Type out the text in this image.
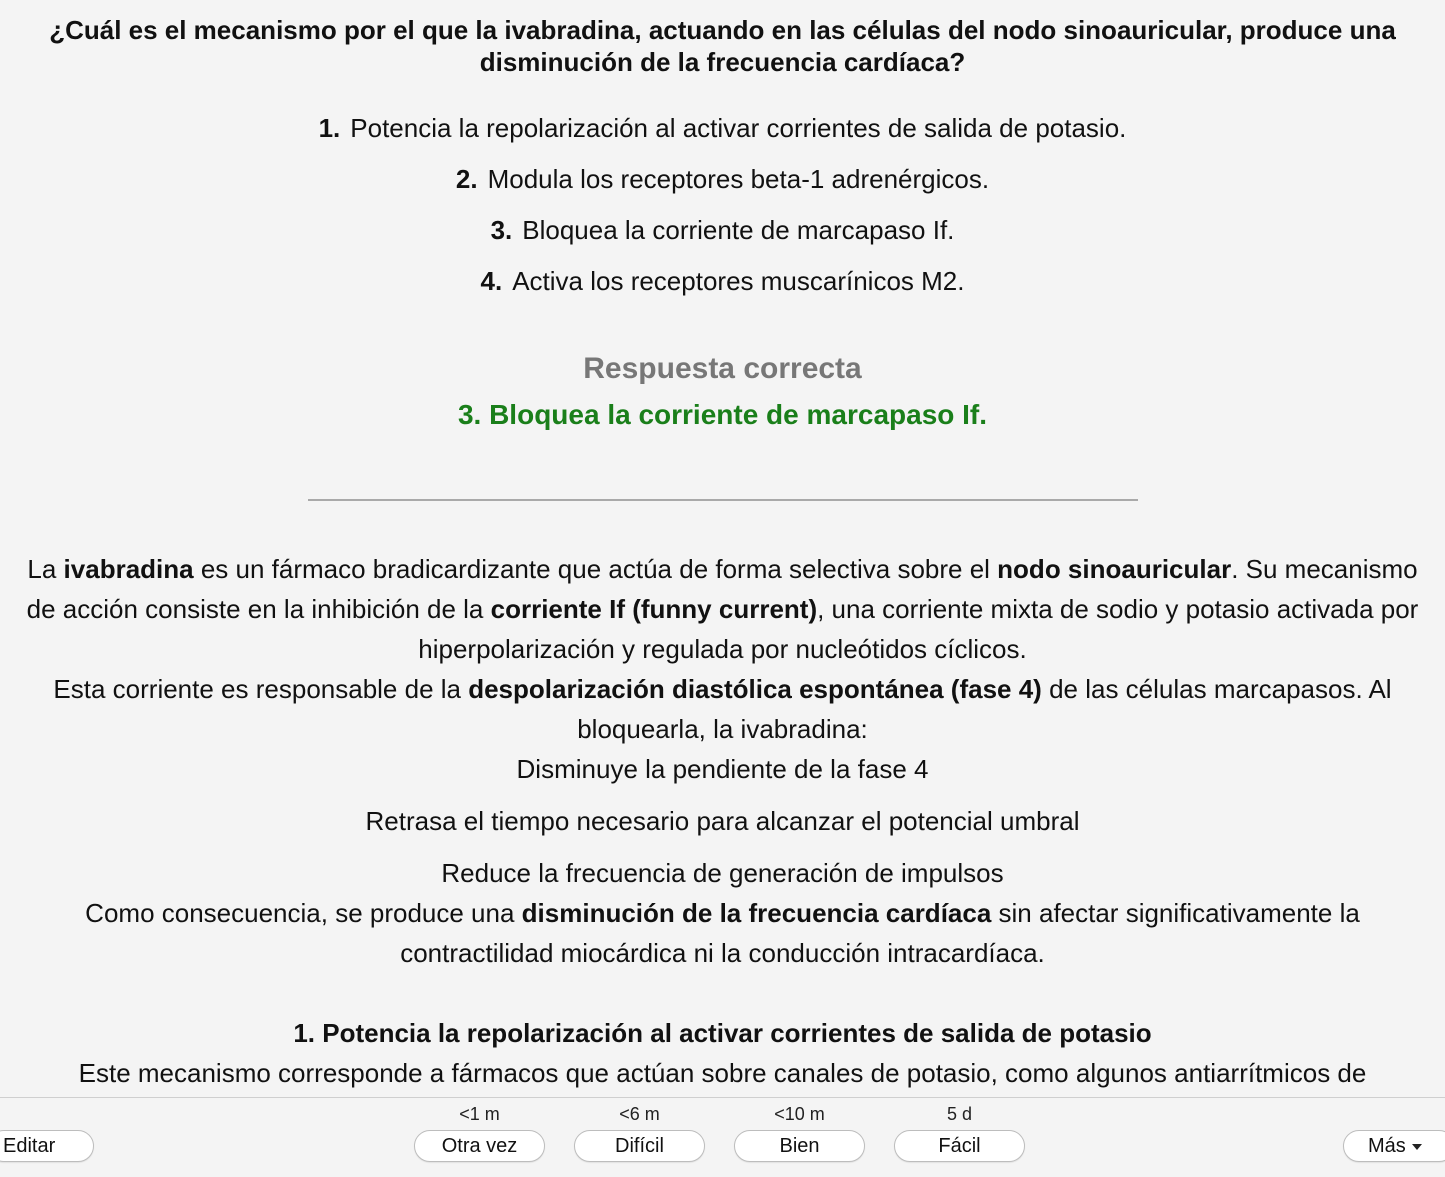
¿Cuál es el mecanismo por el que la ivabradina, actuando en las células del nodo sinoauricular, produce una disminución de la frecuencia cardíaca?
1. Potencia la repolarización al activar corrientes de salida de potasio.
2. Modula los receptores beta-1 adrenérgicos.
3. Bloquea la corriente de marcapaso If.
4. Activa los receptores muscarínicos M2.
Respuesta correcta
3. Bloquea la corriente de marcapaso If.

La ivabradina es un fármaco bradicardizante que actúa de forma selectiva sobre el nodo sinoauricular. Su mecanismo de acción consiste en la inhibición de la corriente If (funny current), una corriente mixta de sodio y potasio activada por hiperpolarización y regulada por nucleótidos cíclicos.

Esta corriente es responsable de la despolarización diastólica espontánea (fase 4) de las células marcapasos. Al bloquearla, la ivabradina:

Disminuye la pendiente de la fase 4
Retrasa el tiempo necesario para alcanzar el potencial umbral
Reduce la frecuencia de generación de impulsos

Como consecuencia, se produce una disminución de la frecuencia cardíaca sin afectar significativamente la contractilidad miocárdica ni la conducción intracardíaca.

1. Potencia la repolarización al activar corrientes de salida de potasio

Este mecanismo corresponde a fármacos que actúan sobre canales de potasio, como algunos antiarrítmicos de

Editar
<1 m
Otra vez
<6 m
Difícil
<10 m
Bien
5 d
Fácil	Más
